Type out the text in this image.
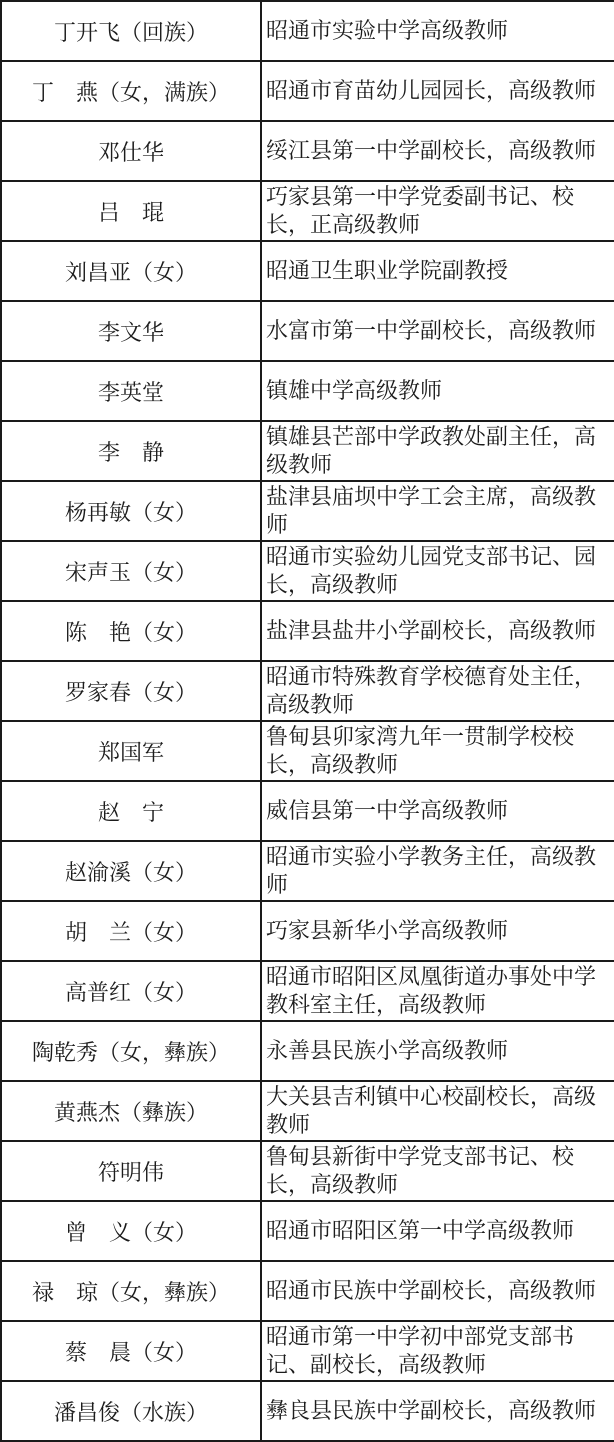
丁开飞（回族）	昭通市实验中学高级教师
丁　燕（女，满族）	昭通市育苗幼儿园园长，高级教师
邓仕华	绥江县第一中学副校长，高级教师
吕　琨	巧家县第一中学党委副书记、校长，正高级教师
刘昌亚（女）	昭通卫生职业学院副教授
李文华	水富市第一中学副校长，高级教师
李英堂	镇雄中学高级教师
李　静	镇雄县芒部中学政教处副主任，高级教师
杨再敏（女）	盐津县庙坝中学工会主席，高级教师
宋声玉（女）	昭通市实验幼儿园党支部书记、园长，高级教师
陈　艳（女）	盐津县盐井小学副校长，高级教师
罗家春（女）	昭通市特殊教育学校德育处主任，高级教师
郑国军	鲁甸县卯家湾九年一贯制学校校长，高级教师
赵　宁	威信县第一中学高级教师
赵渝溪（女）	昭通市实验小学教务主任，高级教师
胡　兰（女）	巧家县新华小学高级教师
高普红（女）	昭通市昭阳区凤凰街道办事处中学教科室主任，高级教师
陶乾秀（女，彝族）	永善县民族小学高级教师
黄燕杰（彝族）	大关县吉利镇中心校副校长，高级教师
符明伟	鲁甸县新街中学党支部书记、校长，高级教师
曾　义（女）	昭通市昭阳区第一中学高级教师
禄　琼（女，彝族）	昭通市民族中学副校长，高级教师
蔡　晨（女）	昭通市第一中学初中部党支部书记、副校长，高级教师
潘昌俊（水族）	彝良县民族中学副校长，高级教师
